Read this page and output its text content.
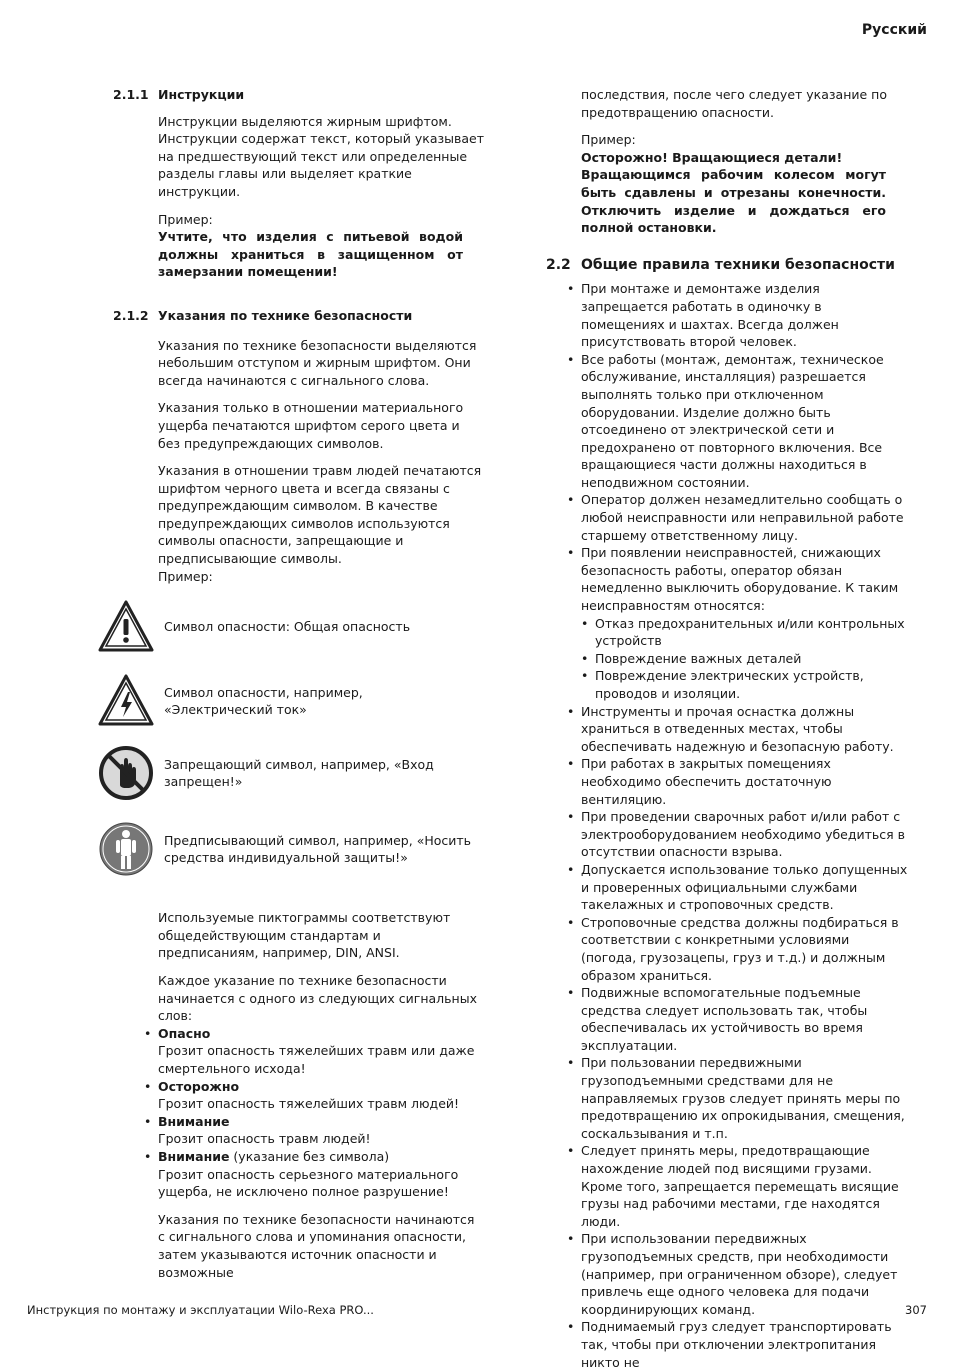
Русский
2.1.1 Инструкции

Инструкции выделяются жирным шрифтом. Инструкции содержат текст, который указывает на предшествующий текст или определенные разделы главы или выделяет краткие инструкции.

Пример:

Учтите, что изделия с питьевой водой должны храниться в защищенном от замерзании помещении!

2.1.2 Указания по технике безопасности

Указания по технике безопасности выделяются небольшим отступом и жирным шрифтом. Они всегда начинаются с сигнального слова.

Указания только в отношении материального ущерба печатаются шрифтом серого цвета и без предупреждающих символов.

Указания в отношении травм людей печатаются шрифтом черного цвета и всегда связаны с предупреждающим символом. В качестве предупреждающих символов используются символы опасности, запрещающие и предписывающие символы.

Пример:

Символ опасности: Общая опасность
Символ опасности, например, «Электрический ток»
Запрещающий символ, например, «Вход запрещен!»
Предписывающий символ, например, «Носить средства индивидуальной защиты!»

Используемые пиктограммы соответствуют общедействующим стандартам и предписаниям, например, DIN, ANSI.

Каждое указание по технике безопасности начинается с одного из следующих сигнальных слов:

• Опасно
Грозит опасность тяжелейших травм или даже смертельного исхода!
• Осторожно
Грозит опасность тяжелейших травм людей!
• Внимание
Грозит опасность травм людей!
• Внимание (указание без символа)
Грозит опасность серьезного материального ущерба, не исключено полное разрушение!

Указания по технике безопасности начинаются с сигнального слова и упоминания опасности, затем указываются источник опасности и возможные

последствия, после чего следует указание по предотвращению опасности.

Пример:

Осторожно! Вращающиеся детали!

Вращающимся рабочим колесом могут быть сдавлены и отрезаны конечности. Отключить изделие и дождаться его полной остановки.

2.2 Общие правила техники безопасности
• При монтаже и демонтаже изделия запрещается работать в одиночку в помещениях и шахтах. Всегда должен присутствовать второй человек.
• Все работы (монтаж, демонтаж, техническое обслуживание, инсталляция) разрешается выполнять только при отключенном оборудовании. Изделие должно быть отсоединено от электрической сети и предохранено от повторного включения. Все вращающиеся части должны находиться в неподвижном состоянии.
• Оператор должен незамедлительно сообщать о любой неисправности или неправильной работе старшему ответственному лицу.
• При появлении неисправностей, снижающих безопасность работы, оператор обязан немедленно выключить оборудование. К таким неисправностям относятся:
• Отказ предохранительных и/или контрольных устройств
• Повреждение важных деталей
• Повреждение электрических устройств, проводов и изоляции.
• Инструменты и прочая оснастка должны храниться в отведенных местах, чтобы обеспечивать надежную и безопасную работу.
• При работах в закрытых помещениях необходимо обеспечить достаточную вентиляцию.
• При проведении сварочных работ и/или работ с электрооборудованием необходимо убедиться в отсутствии опасности взрыва.
• Допускается использование только допущенных и проверенных официальными службами такелажных и строповочных средств.
• Строповочные средства должны подбираться в соответствии с конкретными условиями (погода, грузозацепы, груз и т.д.) и должным образом храниться.
• Подвижные вспомогательные подъемные средства следует использовать так, чтобы обеспечивалась их устойчивость во время эксплуатации.
• При пользовании передвижными грузоподъемными средствами для не направляемых грузов следует принять меры по предотвращению их опрокидывания, смещения, соскальзывания и т.п.
• Следует принять меры, предотвращающие нахождение людей под висящими грузами. Кроме того, запрещается перемещать висящие грузы над рабочими местами, где находятся люди.
• При использовании передвижных грузоподъемных средств, при необходимости (например, при ограниченном обзоре), следует привлечь еще одного человека для подачи координирующих команд.
• Поднимаемый груз следует транспортировать так, чтобы при отключении электропитания никто не
Инструкция по монтажу и эксплуатации Wilo-Rexa PRO...	307
